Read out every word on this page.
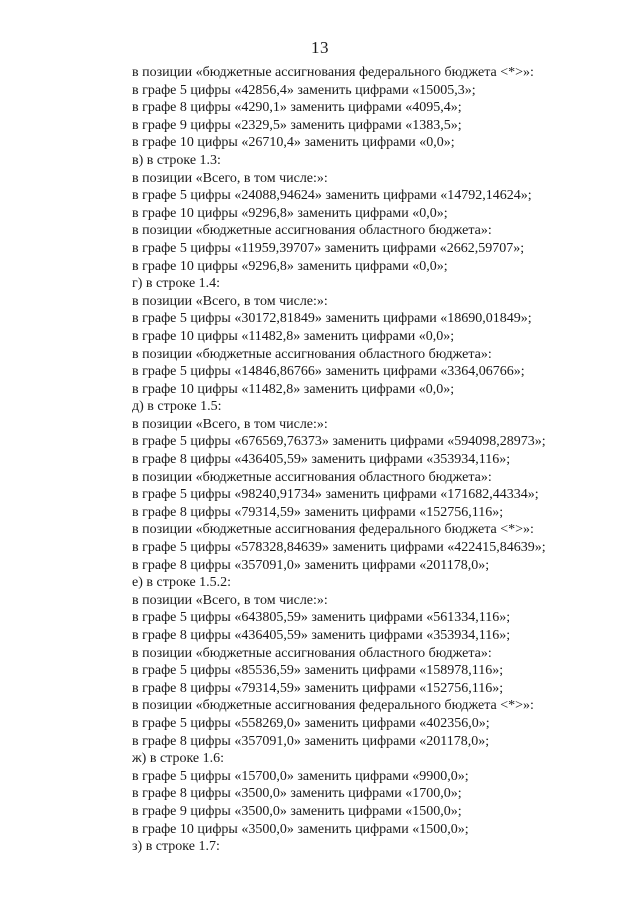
13
в позиции «бюджетные ассигнования федерального бюджета <*>»:
в графе 5 цифры «42856,4» заменить цифрами «15005,3»;
в графе 8 цифры «4290,1» заменить цифрами «4095,4»;
в графе 9 цифры «2329,5» заменить цифрами «1383,5»;
в графе 10 цифры «26710,4» заменить цифрами «0,0»;
в) в строке 1.3:
в позиции «Всего, в том числе:»:
в графе 5 цифры «24088,94624» заменить цифрами «14792,14624»;
в графе 10 цифры «9296,8» заменить цифрами «0,0»;
в позиции «бюджетные ассигнования областного бюджета»:
в графе 5 цифры «11959,39707» заменить цифрами «2662,59707»;
в графе 10 цифры «9296,8» заменить цифрами «0,0»;
г) в строке 1.4:
в позиции «Всего, в том числе:»:
в графе 5 цифры «30172,81849» заменить цифрами «18690,01849»;
в графе 10 цифры «11482,8» заменить цифрами «0,0»;
в позиции «бюджетные ассигнования областного бюджета»:
в графе 5 цифры «14846,86766» заменить цифрами «3364,06766»;
в графе 10 цифры «11482,8» заменить цифрами «0,0»;
д) в строке 1.5:
в позиции «Всего, в том числе:»:
в графе 5 цифры «676569,76373» заменить цифрами «594098,28973»;
в графе 8 цифры «436405,59» заменить цифрами «353934,116»;
в позиции «бюджетные ассигнования областного бюджета»:
в графе 5 цифры «98240,91734» заменить цифрами «171682,44334»;
в графе 8 цифры «79314,59» заменить цифрами «152756,116»;
в позиции «бюджетные ассигнования федерального бюджета <*>»:
в графе 5 цифры «578328,84639» заменить цифрами «422415,84639»;
в графе 8 цифры «357091,0» заменить цифрами «201178,0»;
е) в строке 1.5.2:
в позиции «Всего, в том числе:»:
в графе 5 цифры «643805,59» заменить цифрами «561334,116»;
в графе 8 цифры «436405,59» заменить цифрами «353934,116»;
в позиции «бюджетные ассигнования областного бюджета»:
в графе 5 цифры «85536,59» заменить цифрами «158978,116»;
в графе 8 цифры «79314,59» заменить цифрами «152756,116»;
в позиции «бюджетные ассигнования федерального бюджета <*>»:
в графе 5 цифры «558269,0» заменить цифрами «402356,0»;
в графе 8 цифры «357091,0» заменить цифрами «201178,0»;
ж) в строке 1.6:
в графе 5 цифры «15700,0» заменить цифрами «9900,0»;
в графе 8 цифры «3500,0» заменить цифрами «1700,0»;
в графе 9 цифры «3500,0» заменить цифрами «1500,0»;
в графе 10 цифры «3500,0» заменить цифрами «1500,0»;
з) в строке 1.7:
